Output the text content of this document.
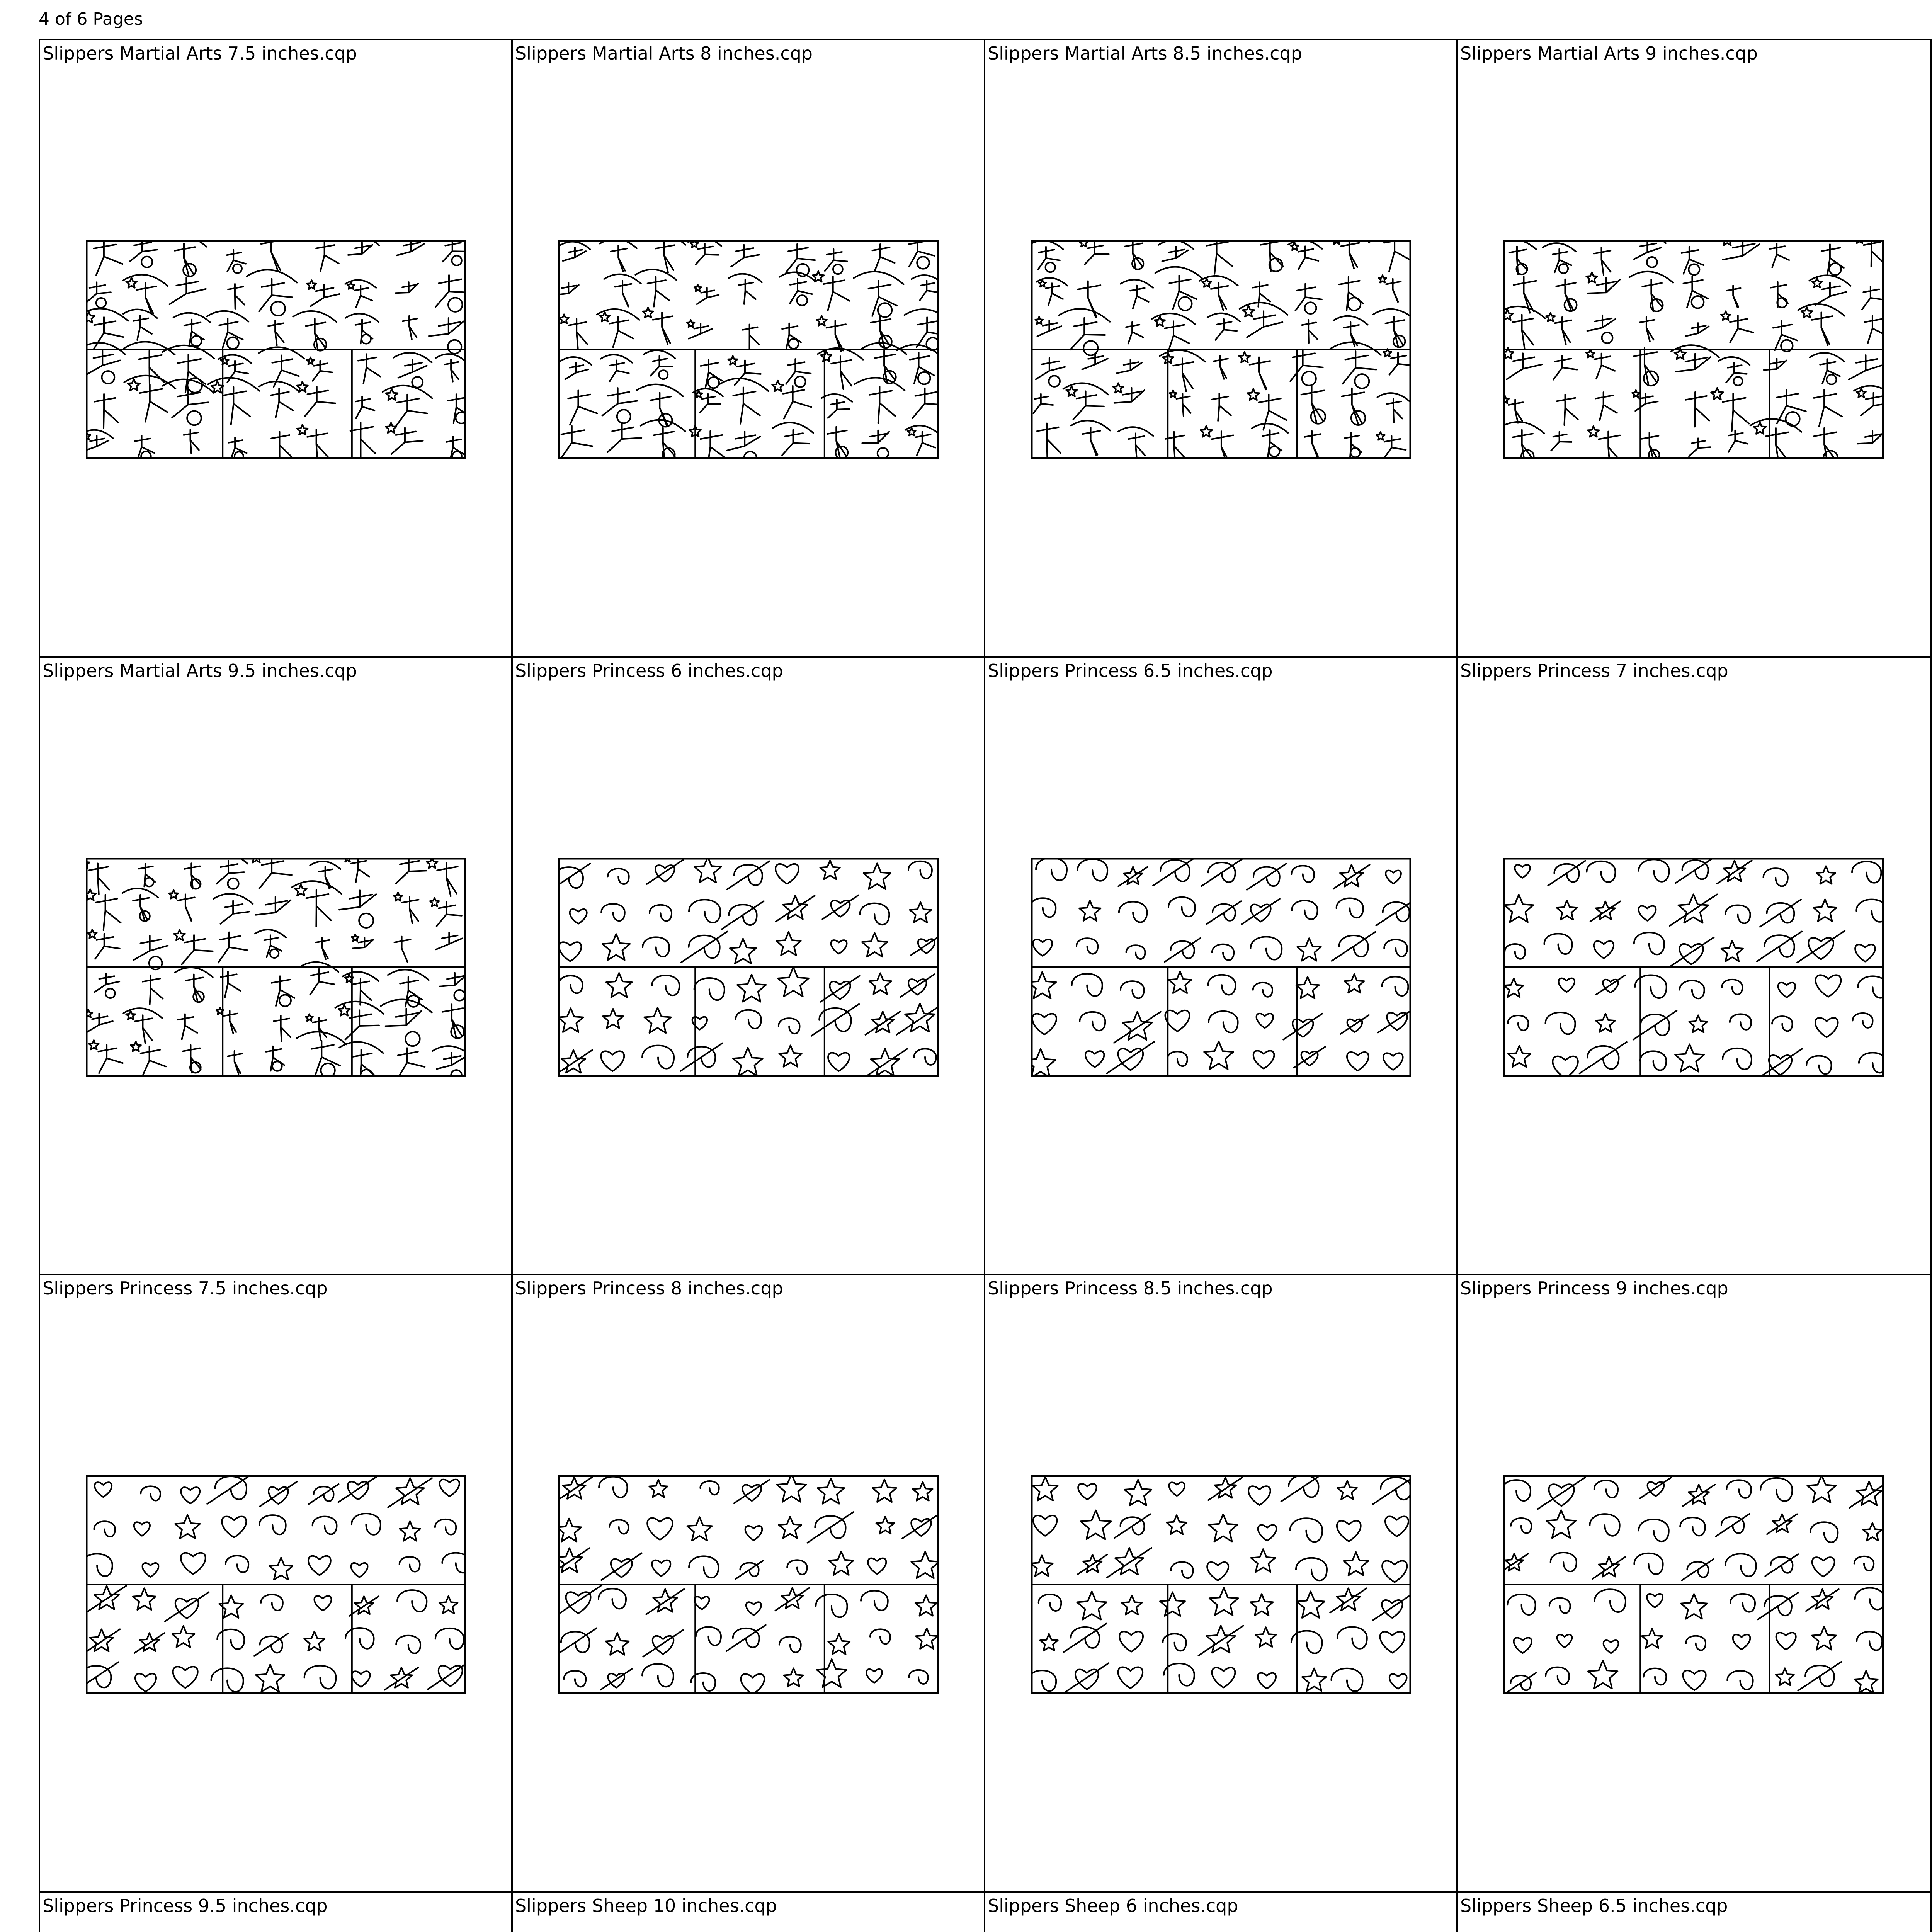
4 of 6 Pages
Slippers Martial Arts 7.5 inches.cqp	Slippers Martial Arts 8 inches.cqp	Slippers Martial Arts 8.5 inches.cqp	Slippers Martial Arts 9 inches.cqp
Slippers Martial Arts 9.5 inches.cqp	Slippers Princess 6 inches.cqp	Slippers Princess 6.5 inches.cqp	Slippers Princess 7 inches.cqp
Slippers Princess 7.5 inches.cqp	Slippers Princess 8 inches.cqp	Slippers Princess 8.5 inches.cqp	Slippers Princess 9 inches.cqp
Slippers Princess 9.5 inches.cqp	Slippers Sheep 10 inches.cqp	Slippers Sheep 6 inches.cqp	Slippers Sheep 6.5 inches.cqp
